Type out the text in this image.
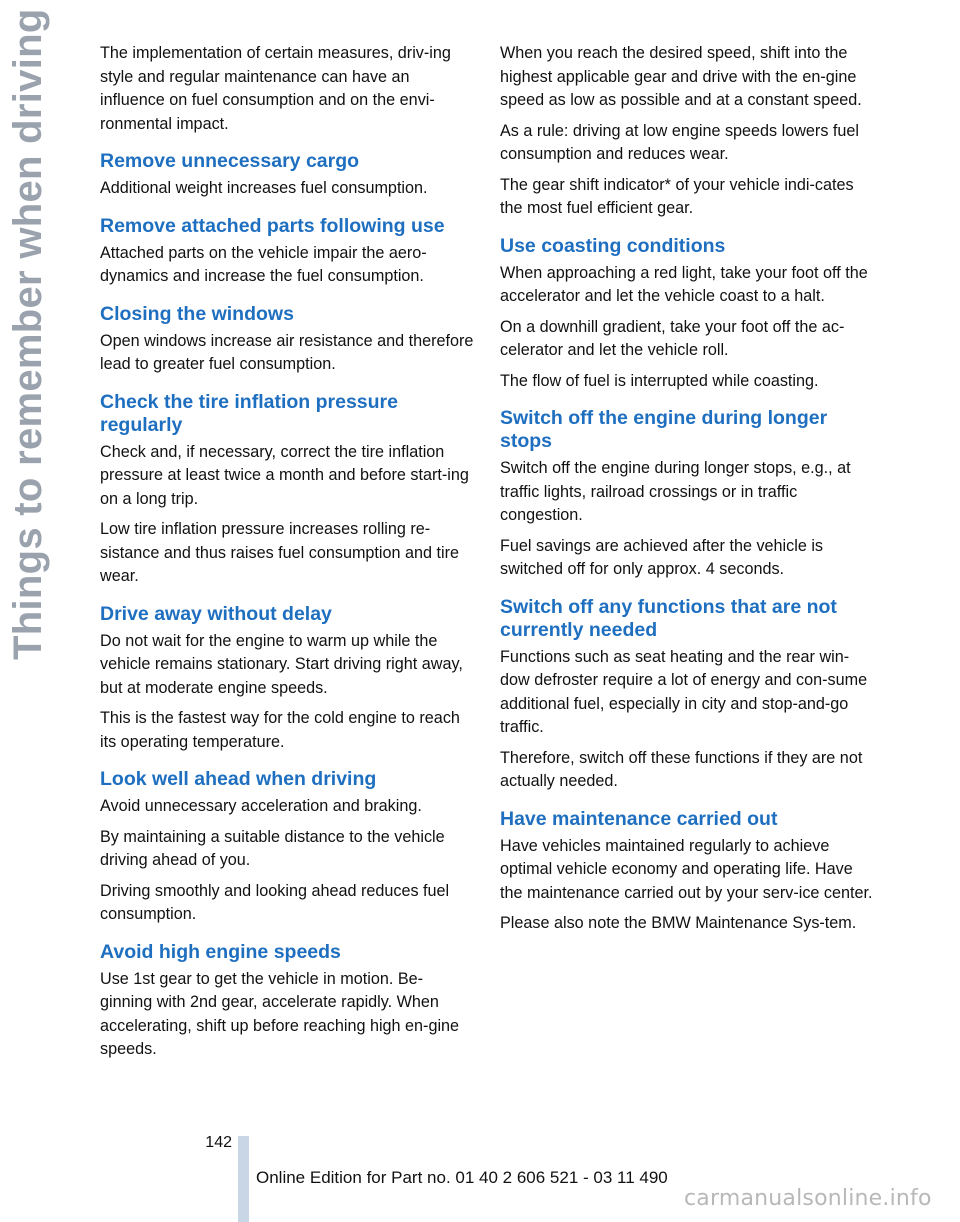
Things to remember when driving	The implementation of certain measures, driv-ing style and regular maintenance can have an influence on fuel consumption and on the envi-ronmental impact.

Remove unnecessary cargo

Additional weight increases fuel consumption.

Remove attached parts following use

Attached parts on the vehicle impair the aero-dynamics and increase the fuel consumption.

Closing the windows

Open windows increase air resistance and therefore lead to greater fuel consumption.

Check the tire inflation pressure regularly

Check and, if necessary, correct the tire inflation pressure at least twice a month and before start-ing on a long trip.

Low tire inflation pressure increases rolling re-sistance and thus raises fuel consumption and tire wear.

Drive away without delay

Do not wait for the engine to warm up while the vehicle remains stationary. Start driving right away, but at moderate engine speeds.

This is the fastest way for the cold engine to reach its operating temperature.

Look well ahead when driving

Avoid unnecessary acceleration and braking.

By maintaining a suitable distance to the vehicle driving ahead of you.

Driving smoothly and looking ahead reduces fuel consumption.

Avoid high engine speeds

Use 1st gear to get the vehicle in motion. Be-ginning with 2nd gear, accelerate rapidly. When accelerating, shift up before reaching high en-gine speeds.

When you reach the desired speed, shift into the highest applicable gear and drive with the en-gine speed as low as possible and at a constant speed.

As a rule: driving at low engine speeds lowers fuel consumption and reduces wear.

The gear shift indicator* of your vehicle indi-cates the most fuel efficient gear.

Use coasting conditions

When approaching a red light, take your foot off the accelerator and let the vehicle coast to a halt.

On a downhill gradient, take your foot off the ac-celerator and let the vehicle roll.

The flow of fuel is interrupted while coasting.

Switch off the engine during longer stops

Switch off the engine during longer stops, e.g., at traffic lights, railroad crossings or in traffic congestion.

Fuel savings are achieved after the vehicle is switched off for only approx. 4 seconds.

Switch off any functions that are not currently needed

Functions such as seat heating and the rear win-dow defroster require a lot of energy and con-sume additional fuel, especially in city and stop-and-go traffic.

Therefore, switch off these functions if they are not actually needed.

Have maintenance carried out

Have vehicles maintained regularly to achieve optimal vehicle economy and operating life. Have the maintenance carried out by your serv-ice center.

Please also note the BMW Maintenance Sys-tem.

142
Online Edition for Part no. 01 40 2 606 521 - 03 11 490
carmanualsonline.info
